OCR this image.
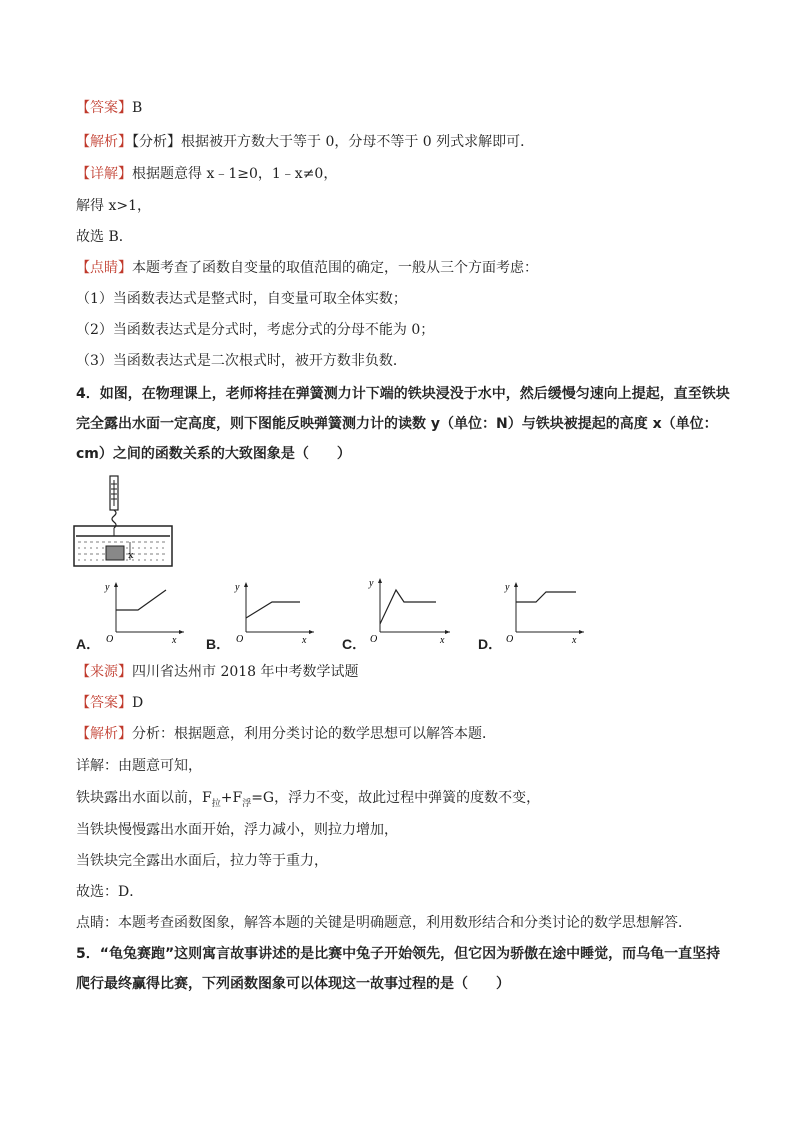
【答案】B
【解析】【分析】根据被开方数大于等于 0，分母不等于 0 列式求解即可．
【详解】根据题意得 x﹣1≥0，1﹣x≠0，
解得 x>1，
故选 B．
【点睛】本题考查了函数自变量的取值范围的确定，一般从三个方面考虑：
（1）当函数表达式是整式时，自变量可取全体实数；
（2）当函数表达式是分式时，考虑分式的分母不能为 0；
（3）当函数表达式是二次根式时，被开方数非负数．
4．如图，在物理课上，老师将挂在弹簧测力计下端的铁块浸没于水中，然后缓慢匀速向上提起，直至铁块
完全露出水面一定高度，则下图能反映弹簧测力计的读数 y（单位：N）与铁块被提起的高度 x（单位：
cm）之间的函数关系的大致图象是（　　）
x
A．
y
x
O	B．
y
x
O	C．
y
x
O	D．
y
x
O
【来源】四川省达州市 2018 年中考数学试题
【答案】D
【解析】分析：根据题意，利用分类讨论的数学思想可以解答本题．
详解：由题意可知，
铁块露出水面以前，$F_拉+F_浮=G$，浮力不变，故此过程中弹簧的度数不变，
当铁块慢慢露出水面开始，浮力减小，则拉力增加，
当铁块完全露出水面后，拉力等于重力，
故选：D．
点睛：本题考查函数图象，解答本题的关键是明确题意，利用数形结合和分类讨论的数学思想解答．
5．“龟兔赛跑”这则寓言故事讲述的是比赛中兔子开始领先，但它因为骄傲在途中睡觉，而乌龟一直坚持
爬行最终赢得比赛，下列函数图象可以体现这一故事过程的是（　　）
